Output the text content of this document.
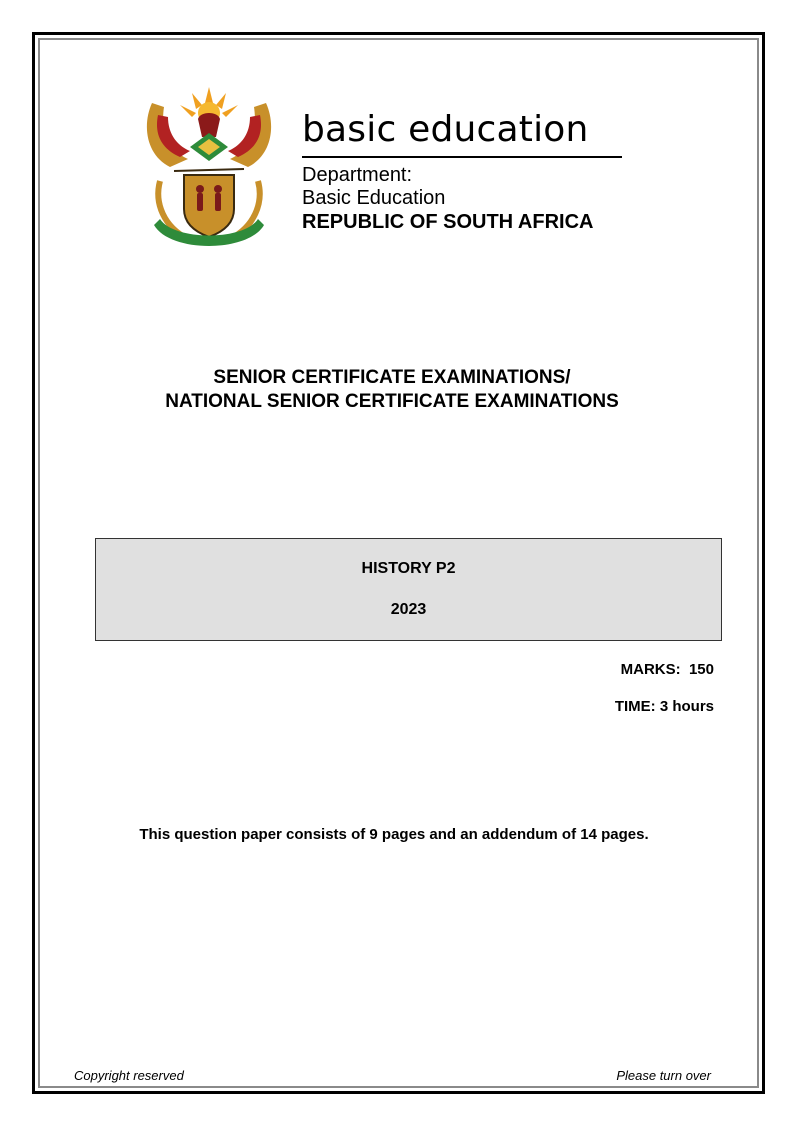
basic education
Department:
Basic Education
REPUBLIC OF SOUTH AFRICA
SENIOR CERTIFICATE EXAMINATIONS/
NATIONAL SENIOR CERTIFICATE EXAMINATIONS
HISTORY P2
2023
MARKS:  150
TIME: 3 hours
This question paper consists of 9 pages and an addendum of 14 pages.
Copyright reserved	Please turn over
